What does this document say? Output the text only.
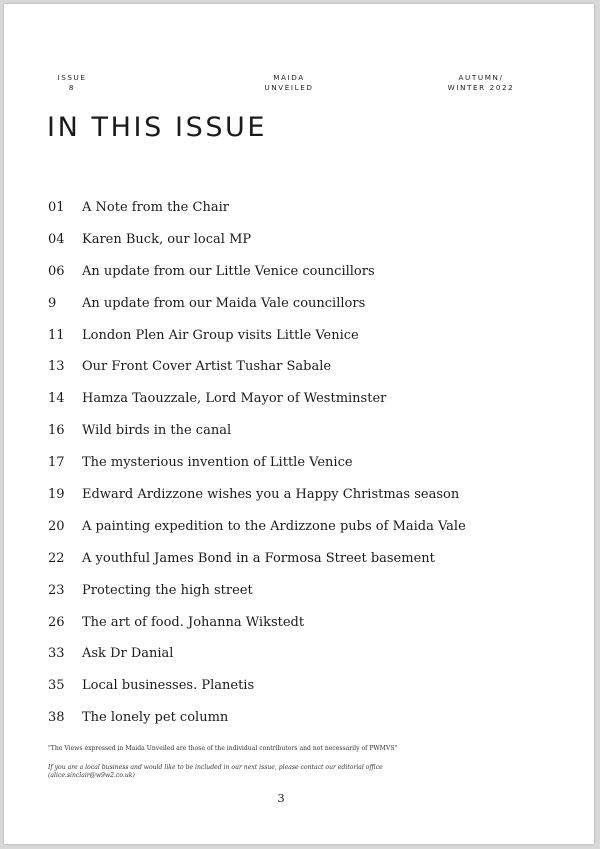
ISSUE
8
MAIDA
UNVEILED
AUTUMN/
WINTER 2022
IN THIS ISSUE
01 A Note from the Chair
04 Karen Buck, our local MP
06 An update from our Little Venice councillors
9 An update from our Maida Vale councillors
11 London Plen Air Group visits Little Venice
13 Our Front Cover Artist Tushar Sabale
14 Hamza Taouzzale, Lord Mayor of Westminster
16 Wild birds in the canal
17 The mysterious invention of Little Venice
19 Edward Ardizzone wishes you a Happy Christmas season
20 A painting expedition to the Ardizzone pubs of Maida Vale
22 A youthful James Bond in a Formosa Street basement
23 Protecting the high street
26 The art of food. Johanna Wikstedt
33 Ask Dr Danial
35 Local businesses. Planetis
38 The lonely pet column

"The Views expressed in Maida Unveiled are those of the individual contributors and not necessarily of PWMVS"

If you are a local business and would like to be included in our next issue, please contact our editorial office
(alice.sinclair@w9w2.co.uk)

3
